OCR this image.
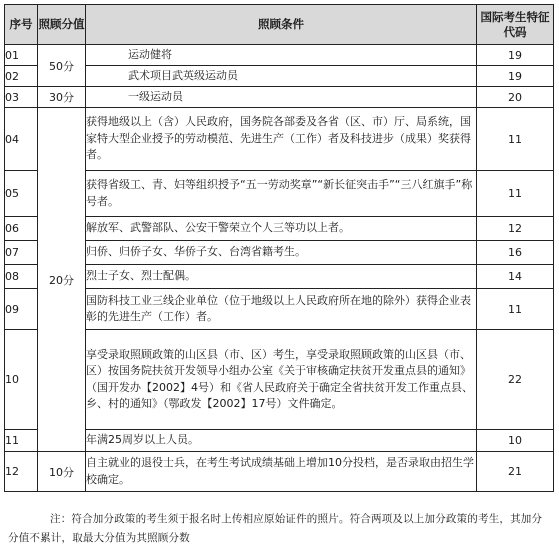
序号	照顾分值	照顾条件	国际考生特征代码
01	50分	运动健将	19
02		武术项目武英级运动员	19
03	30分	一级运动员	20
04	20分	获得地级以上（含）人民政府，国务院各部委及各省（区、市）厅、局系统，国家特大型企业授予的劳动模范、先进生产（工作）者及科技进步（成果）奖获得者。	11
05		获得省级工、青、妇等组织授予“五一劳动奖章”“新长征突击手”“三八红旗手”称号者。	11
06		解放军、武警部队、公安干警荣立个人三等功以上者。	12
07		归侨、归侨子女、华侨子女、台湾省籍考生。	16
08		烈士子女、烈士配偶。	14
09		国防科技工业三线企业单位（位于地级以上人民政府所在地的除外）获得企业表彰的先进生产（工作）者。	11
10		享受录取照顾政策的山区县（市、区）考生，享受录取照顾政策的山区县（市、区）按国务院扶贫开发领导小组办公室《关于审核确定扶贫开发重点县的通知》（国开发办【2002】4号）和《省人民政府关于确定全省扶贫开发工作重点县、乡、村的通知》（鄂政发【2002】17号）文件确定。	22
11		年满25周岁以上人员。	10
12	10分	自主就业的退役士兵，在考生考试成绩基础上增加10分投档，是否录取由招生学校确定。	21
注：符合加分政策的考生须于报名时上传相应原始证件的照片。符合两项及以上加分政策的考生，其加分分值不累计，取最大分值为其照顾分数
